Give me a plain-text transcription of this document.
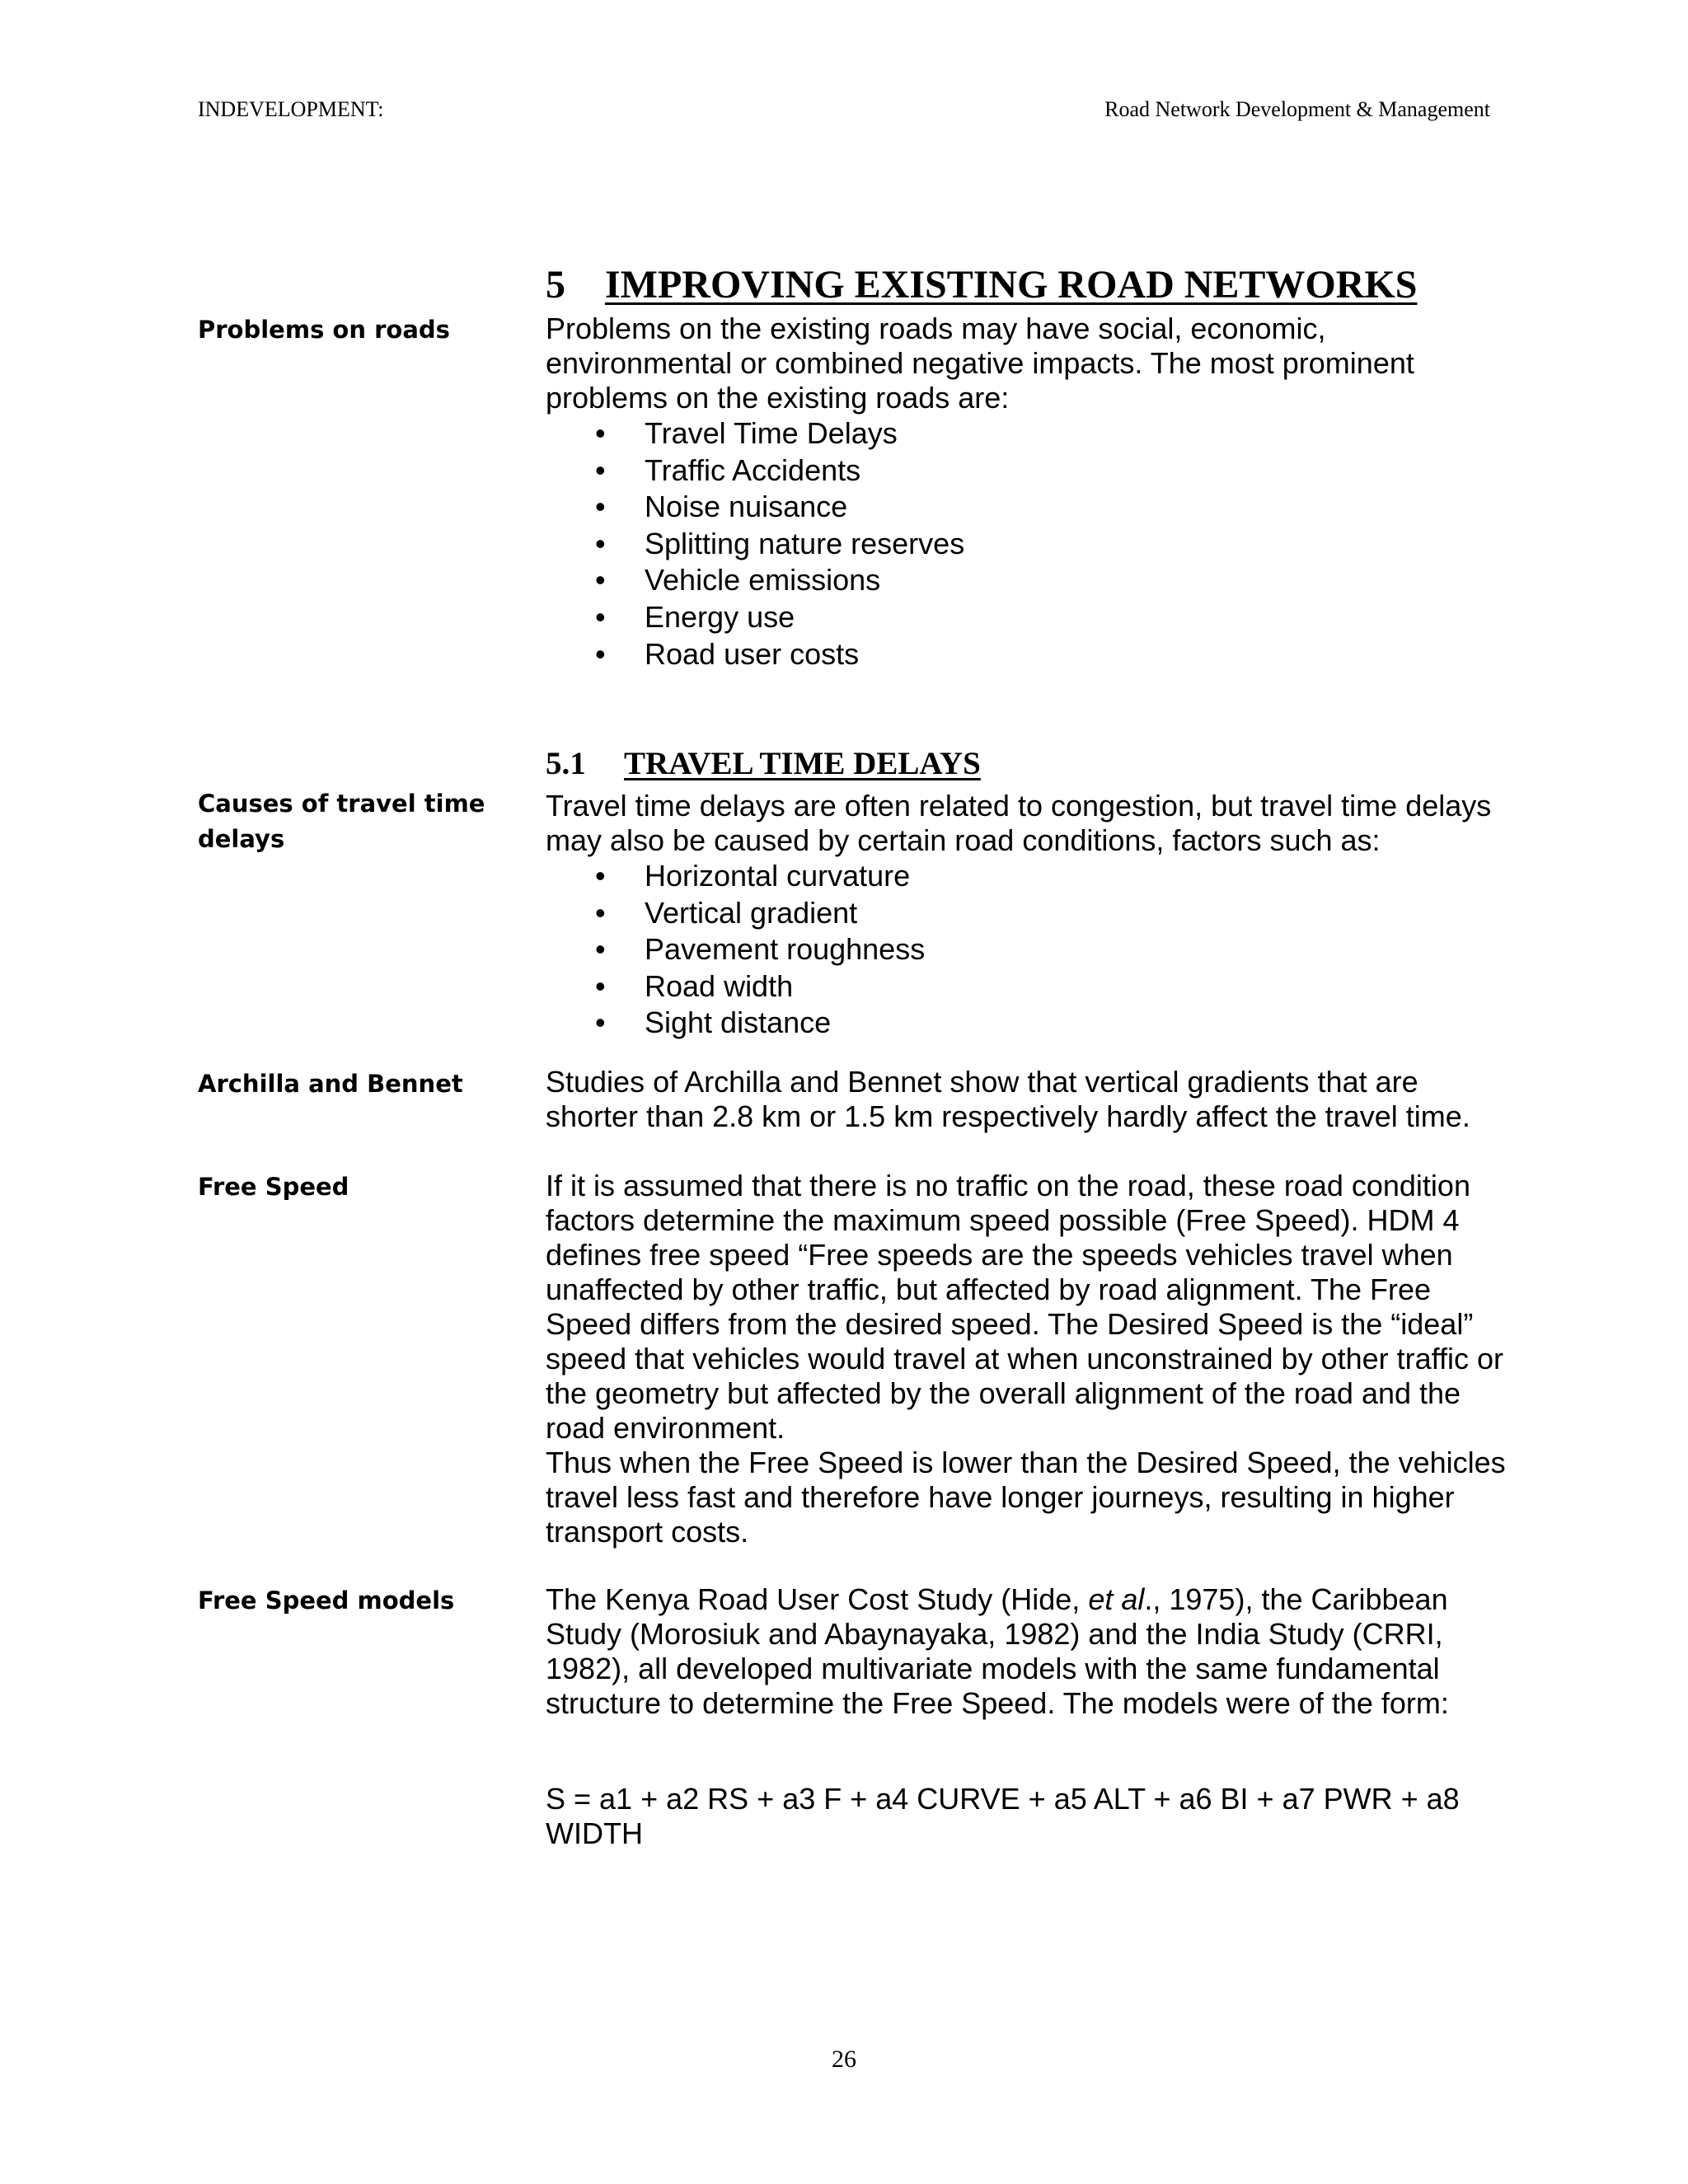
INDEVELOPMENT:	Road Network Development & Management
5 IMPROVING EXISTING ROAD NETWORKS
Problems on roads	Problems on the existing roads may have social, economic, environmental or combined negative impacts. The most prominent problems on the existing roads are:

• Travel Time Delays
• Traffic Accidents
• Noise nuisance
• Splitting nature reserves
• Vehicle emissions
• Energy use
• Road user costs
5.1 TRAVEL TIME DELAYS
Causes of travel time delays

Travel time delays are often related to congestion, but travel time delays may also be caused by certain road conditions, factors such as:

• Horizontal curvature
• Vertical gradient
• Pavement roughness
• Road width
• Sight distance
Archilla and Bennet	Studies of Archilla and Bennet show that vertical gradients that are shorter than 2.8 km or 1.5 km respectively hardly affect the travel time.
Free Speed	If it is assumed that there is no traffic on the road, these road condition factors determine the maximum speed possible (Free Speed). HDM 4 defines free speed “Free speeds are the speeds vehicles travel when unaffected by other traffic, but affected by road alignment. The Free Speed differs from the desired speed. The Desired Speed is the “ideal” speed that vehicles would travel at when unconstrained by other traffic or the geometry but affected by the overall alignment of the road and the road environment.

Thus when the Free Speed is lower than the Desired Speed, the vehicles travel less fast and therefore have longer journeys, resulting in higher transport costs.

Free Speed models	The Kenya Road User Cost Study (Hide, et al., 1975), the Caribbean Study (Morosiuk and Abaynayaka, 1982) and the India Study (CRRI, 1982), all developed multivariate models with the same fundamental structure to determine the Free Speed. The models were of the form:
S = a1 + a2 RS + a3 F + a4 CURVE + a5 ALT + a6 BI + a7 PWR + a8 WIDTH
26
